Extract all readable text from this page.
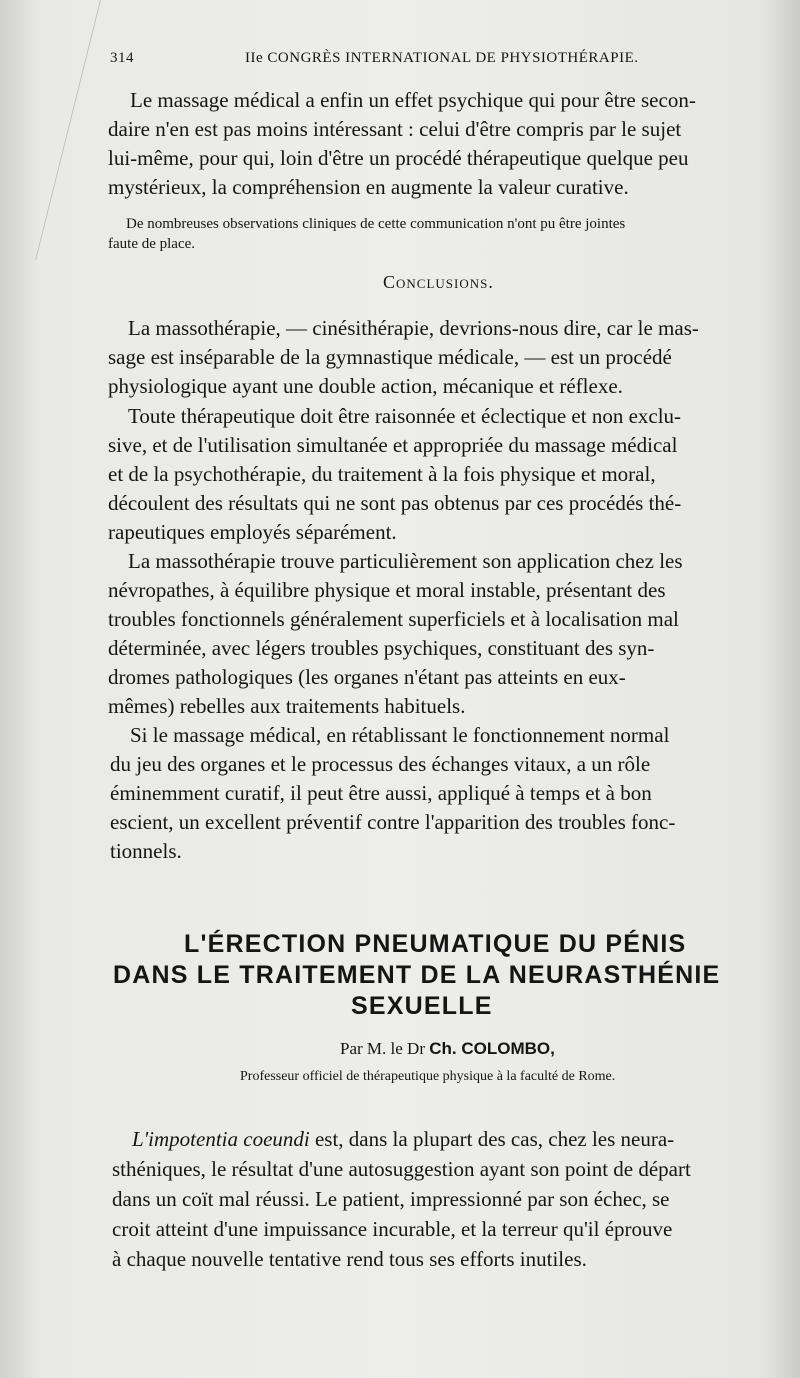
314	IIe CONGRÈS INTERNATIONAL DE PHYSIOTHÉRAPIE.
Le massage médical a enfin un effet psychique qui pour être secon-
daire n'en est pas moins intéressant : celui d'être compris par le sujet
lui-même, pour qui, loin d'être un procédé thérapeutique quelque peu
mystérieux, la compréhension en augmente la valeur curative.
De nombreuses observations cliniques de cette communication n'ont pu être jointes
faute de place.
Conclusions.
La massothérapie, — cinésithérapie, devrions-nous dire, car le mas-
sage est inséparable de la gymnastique médicale, — est un procédé
physiologique ayant une double action, mécanique et réflexe.
Toute thérapeutique doit être raisonnée et éclectique et non exclu-
sive, et de l'utilisation simultanée et appropriée du massage médical
et de la psychothérapie, du traitement à la fois physique et moral,
découlent des résultats qui ne sont pas obtenus par ces procédés thé-
rapeutiques employés séparément.
La massothérapie trouve particulièrement son application chez les
névropathes, à équilibre physique et moral instable, présentant des
troubles fonctionnels généralement superficiels et à localisation mal
déterminée, avec légers troubles psychiques, constituant des syn-
dromes pathologiques (les organes n'étant pas atteints en eux-
mêmes) rebelles aux traitements habituels.
Si le massage médical, en rétablissant le fonctionnement normal
du jeu des organes et le processus des échanges vitaux, a un rôle
éminemment curatif, il peut être aussi, appliqué à temps et à bon
escient, un excellent préventif contre l'apparition des troubles fonc-
tionnels.
L'ÉRECTION PNEUMATIQUE DU PÉNIS
DANS LE TRAITEMENT DE LA NEURASTHÉNIE
SEXUELLE
Par M. le Dr Ch. COLOMBO,
Professeur officiel de thérapeutique physique à la faculté de Rome.
L'impotentia coeundi est, dans la plupart des cas, chez les neura-
sthéniques, le résultat d'une autosuggestion ayant son point de départ
dans un coït mal réussi. Le patient, impressionné par son échec, se
croit atteint d'une impuissance incurable, et la terreur qu'il éprouve
à chaque nouvelle tentative rend tous ses efforts inutiles.
